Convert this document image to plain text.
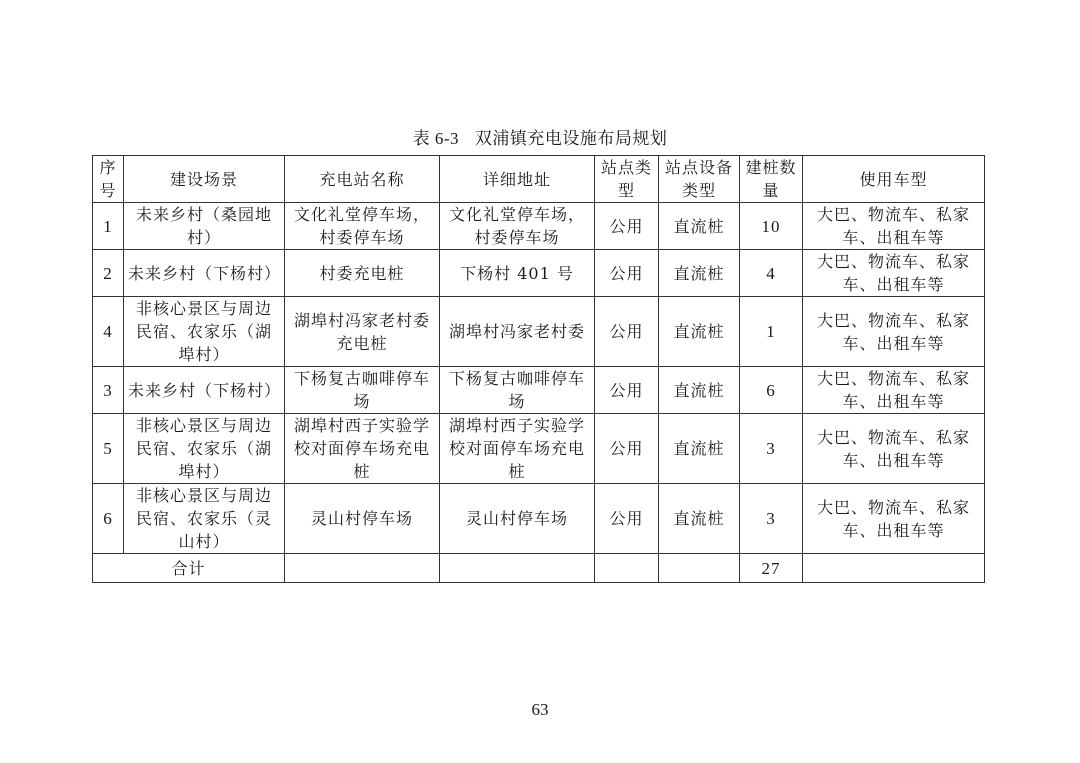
表 6-3 双浦镇充电设施布局规划
序号	建设场景	充电站名称	详细地址	站点类型	站点设备类型	建桩数量	使用车型
1	未来乡村（桑园地村）	文化礼堂停车场，村委停车场	文化礼堂停车场，村委停车场	公用	直流桩	10	大巴、物流车、私家车、出租车等
2	未来乡村（下杨村）	村委充电桩	下杨村 401 号	公用	直流桩	4	大巴、物流车、私家车、出租车等
4	非核心景区与周边民宿、农家乐（湖埠村）	湖埠村冯家老村委充电桩	湖埠村冯家老村委	公用	直流桩	1	大巴、物流车、私家车、出租车等
3	未来乡村（下杨村）	下杨复古咖啡停车场	下杨复古咖啡停车场	公用	直流桩	6	大巴、物流车、私家车、出租车等
5	非核心景区与周边民宿、农家乐（湖埠村）	湖埠村西子实验学校对面停车场充电桩	湖埠村西子实验学校对面停车场充电桩	公用	直流桩	3	大巴、物流车、私家车、出租车等
6	非核心景区与周边民宿、农家乐（灵山村）	灵山村停车场	灵山村停车场	公用	直流桩	3	大巴、物流车、私家车、出租车等
合计						27	
63
